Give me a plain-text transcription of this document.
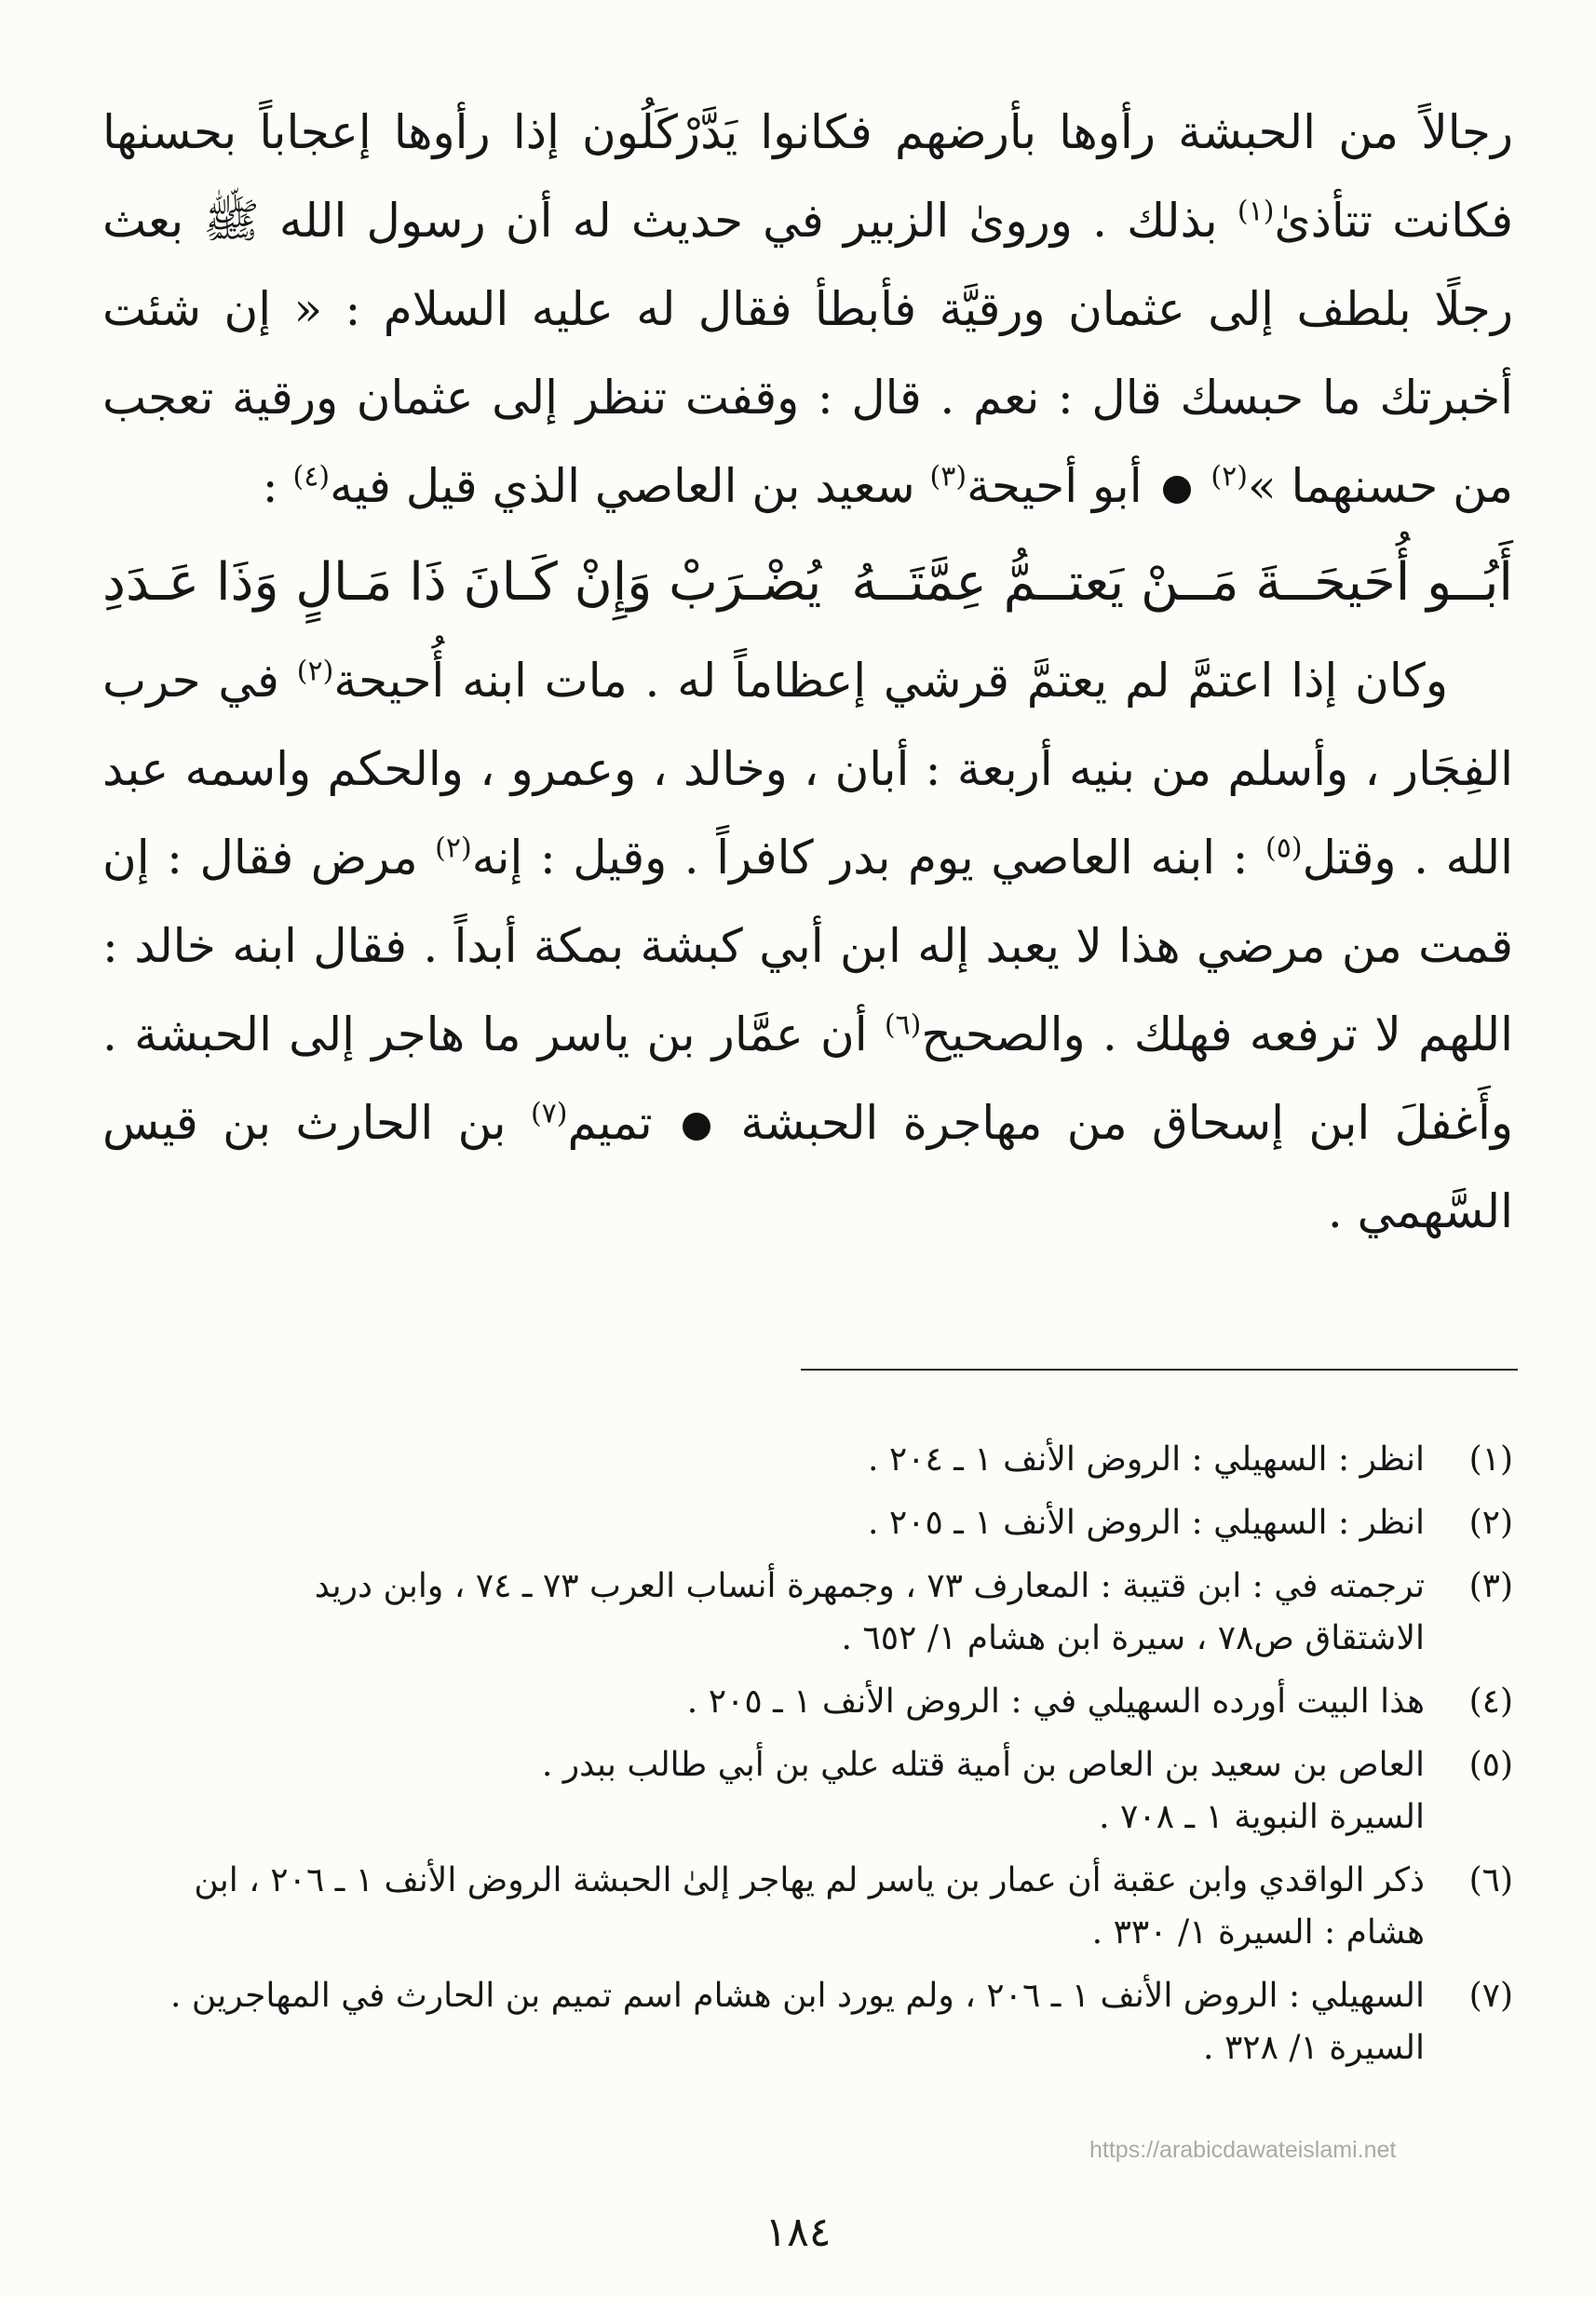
رجالاً من الحبشة رأوها بأرضهم فكانوا يَدَّرْكَلُون إذا رأوها إعجاباً بحسنها فكانت تتأذىٰ$^{(١)}$ بذلك . وروىٰ الزبير في حديث له أن رسول الله ﷺ بعث رجلًا بلطف إلى عثمان ورقيَّة فأبطأ فقال له عليه السلام : « إن شئت أخبرتك ما حبسك قال : نعم . قال : وقفت تنظر إلى عثمان ورقية تعجب من حسنهما »$^{(٢)}$  أبو أحيحة$^{(٣)}$ سعيد بن العاصي الذي قيل فيه$^{(٤)}$ :

أَبُــو أُحَيحَــةَ مَــنْ يَعتــمُّ عِمَّتَــهُ
يُضْـرَبْ وَإِنْ كَـانَ ذَا مَـالٍ وَذَا عَـدَدِ

وكان إذا اعتمَّ لم يعتمَّ قرشي إعظاماً له . مات ابنه أُحيحة$^{(٢)}$ في حرب الفِجَار ، وأسلم من بنيه أربعة : أبان ، وخالد ، وعمرو ، والحكم واسمه عبد الله . وقتل$^{(٥)}$ : ابنه العاصي يوم بدر كافراً . وقيل : إنه$^{(٢)}$ مرض فقال : إن قمت من مرضي هذا لا يعبد إله ابن أبي كبشة بمكة أبداً . فقال ابنه خالد : اللهم لا ترفعه فهلك . والصحيح$^{(٦)}$ أن عمَّار بن ياسر ما هاجر إلى الحبشة . وأَغفلَ ابن إسحاق من مهاجرة الحبشة  تميم$^{(٧)}$ بن الحارث بن قيس السَّهمي .

(١)
انظر : السهيلي : الروض الأنف ١ ـ ٢٠٤ .
(٢)
انظر : السهيلي : الروض الأنف ١ ـ ٢٠٥ .
(٣)
ترجمته في : ابن قتيبة : المعارف ٧٣ ، وجمهرة أنساب العرب ٧٣ ـ ٧٤ ، وابن دريد
الاشتقاق ص٧٨ ، سيرة ابن هشام ١/ ٦٥٢ .
(٤)
هذا البيت أورده السهيلي في : الروض الأنف ١ ـ ٢٠٥ .
(٥)
العاص بن سعيد بن العاص بن أمية قتله علي بن أبي طالب ببدر .
السيرة النبوية ١ ـ ٧٠٨ .
(٦)
ذكر الواقدي وابن عقبة أن عمار بن ياسر لم يهاجر إلىٰ الحبشة الروض الأنف ١ ـ ٢٠٦ ، ابن
هشام : السيرة ١/ ٣٣٠ .
(٧)
السهيلي : الروض الأنف ١ ـ ٢٠٦ ، ولم يورد ابن هشام اسم تميم بن الحارث في المهاجرين .
السيرة ١/ ٣٢٨ .
https://arabicdawateislami.net
١٨٤
